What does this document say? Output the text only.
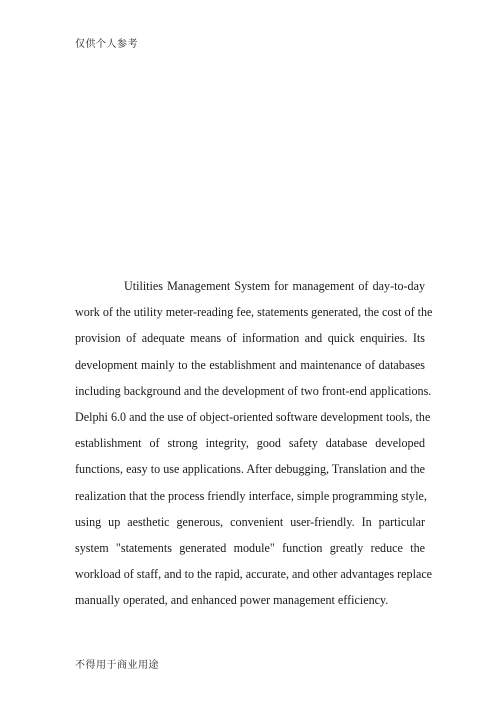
仅供个人参考
Utilities Management System for management of day-to-day
work of the utility meter-reading fee, statements generated, the cost of the
provision of adequate means of information and quick enquiries. Its
development mainly to the establishment and maintenance of databases
including background and the development of two front-end applications.
Delphi 6.0 and the use of object-oriented software development tools, the
establishment of strong integrity, good safety database developed
functions, easy to use applications. After debugging, Translation and the
realization that the process friendly interface, simple programming style,
using up aesthetic generous, convenient user-friendly. In particular
system "statements generated module" function greatly reduce the
workload of staff, and to the rapid, accurate, and other advantages replace
manually operated, and enhanced power management efficiency.
不得用于商业用途
